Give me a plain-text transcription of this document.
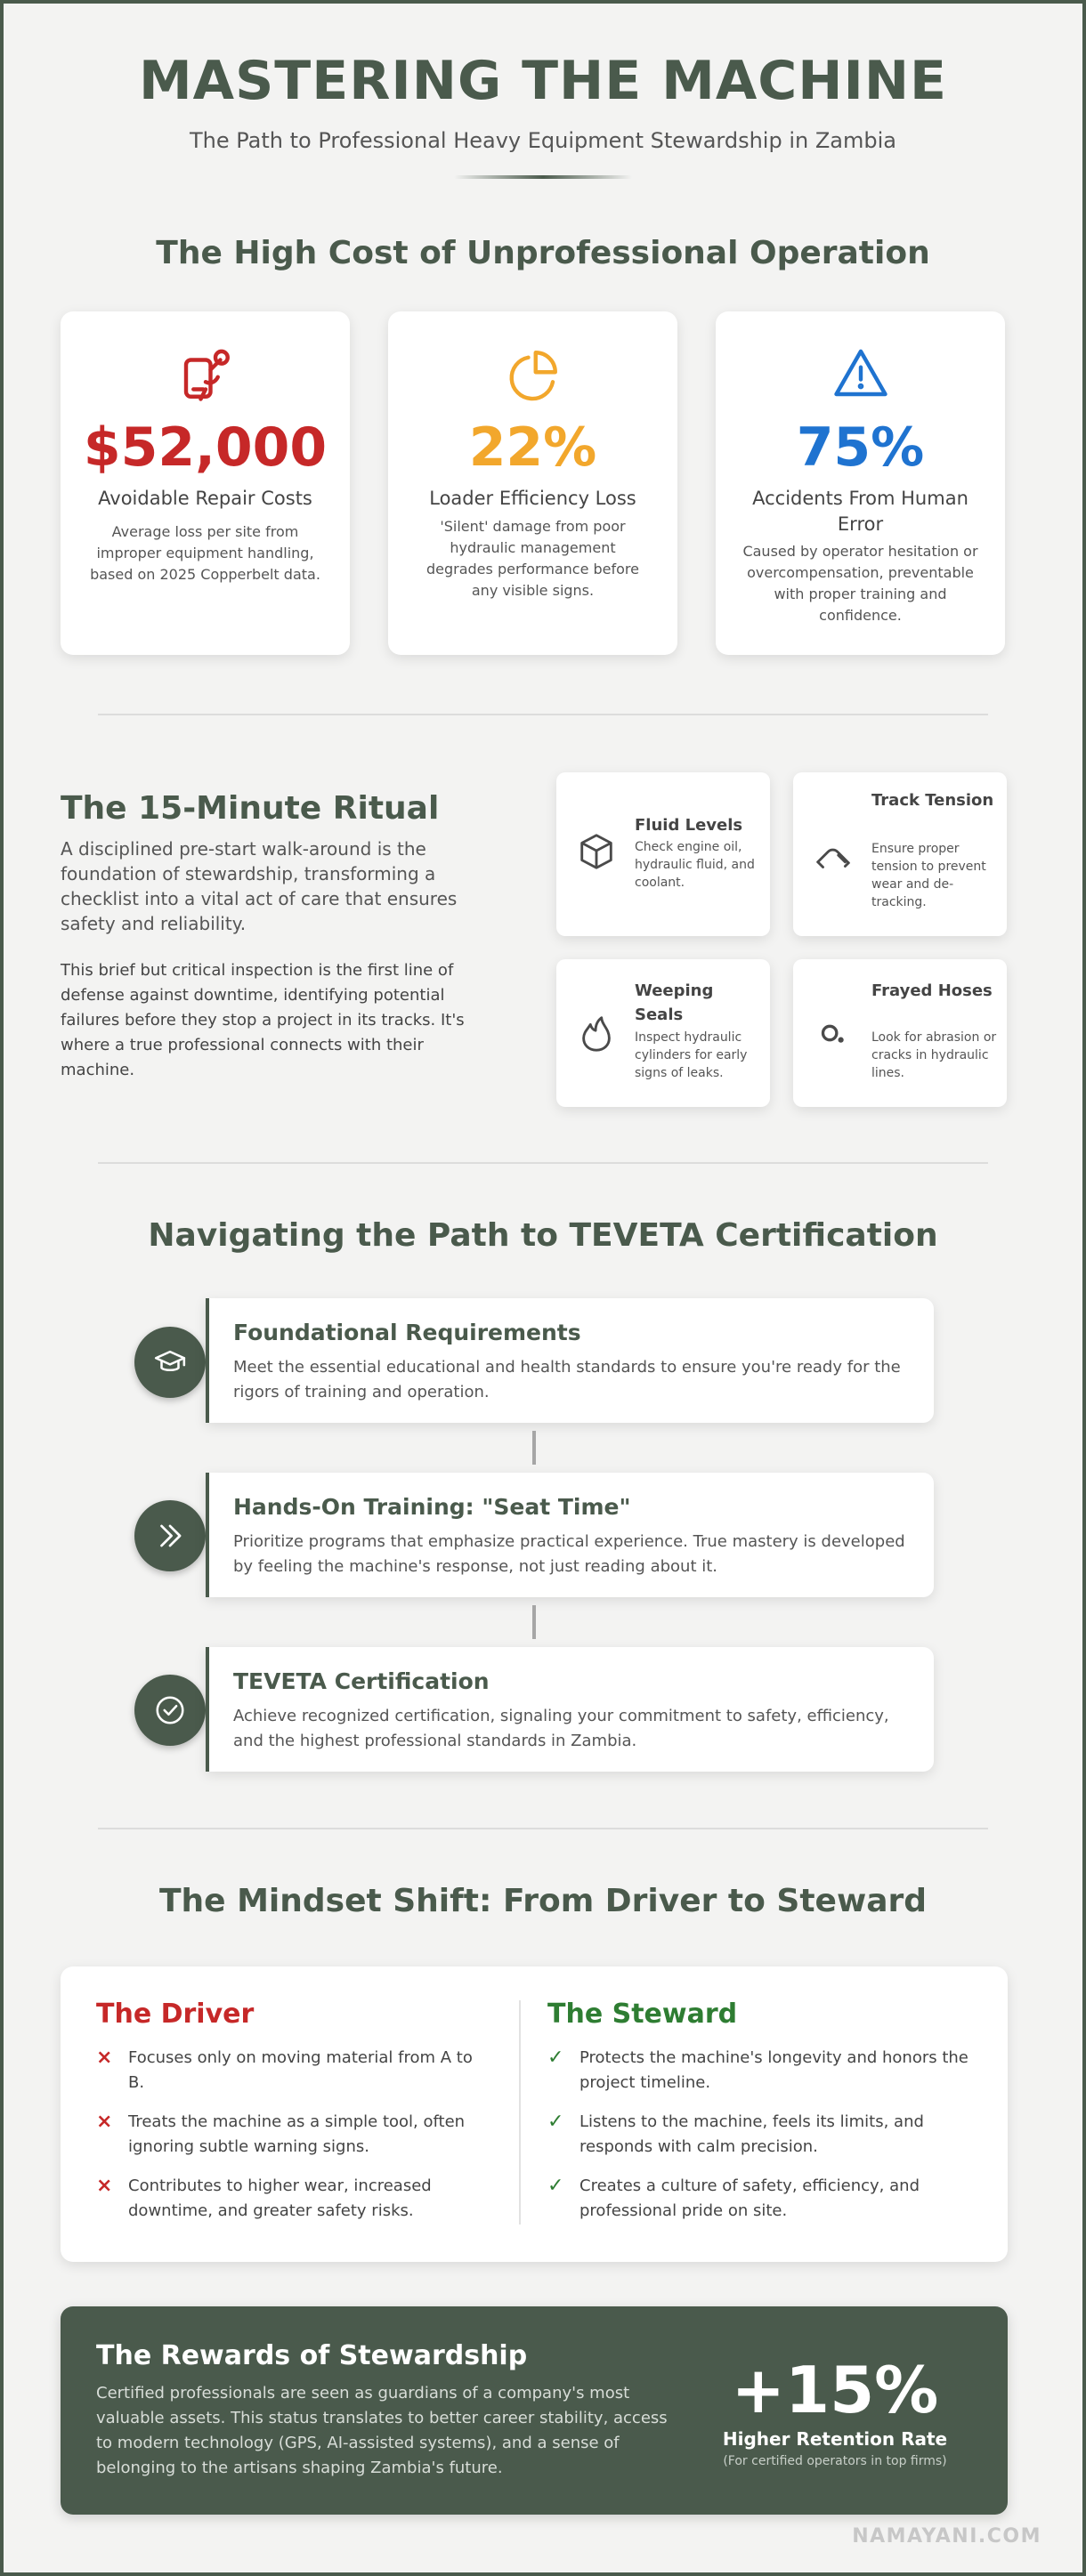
MASTERING THE MACHINE
The Path to Professional Heavy Equipment Stewardship in Zambia
The High Cost of Unprofessional Operation
$52,000
Avoidable Repair Costs
Average loss per site from improper equipment handling, based on 2025 Copperbelt data.
22%
Loader Efficiency Loss
'Silent' damage from poor hydraulic management degrades performance before any visible signs.
75%
Accidents From Human Error
Caused by operator hesitation or overcompensation, preventable with proper training and confidence.
The 15-Minute Ritual

A disciplined pre-start walk-around is the foundation of stewardship, transforming a checklist into a vital act of care that ensures safety and reliability.

This brief but critical inspection is the first line of defense against downtime, identifying potential failures before they stop a project in its tracks. It's where a true professional connects with their machine.

Fluid Levels
Check engine oil, hydraulic fluid, and coolant.
Track Tension
Ensure proper tension to prevent wear and de-tracking.
Weeping Seals
Inspect hydraulic cylinders for early signs of leaks.
Frayed Hoses
Look for abrasion or cracks in hydraulic lines.
Navigating the Path to TEVETA Certification
Foundational Requirements
Meet the essential educational and health standards to ensure you're ready for the rigors of training and operation.
Hands-On Training: "Seat Time"
Prioritize programs that emphasize practical experience. True mastery is developed by feeling the machine's response, not just reading about it.
TEVETA Certification
Achieve recognized certification, signaling your commitment to safety, efficiency, and the highest professional standards in Zambia.
The Mindset Shift: From Driver to Steward
The Driver
× Focuses only on moving material from A to B.
× Treats the machine as a simple tool, often ignoring subtle warning signs.
× Contributes to higher wear, increased downtime, and greater safety risks.
The Steward
✓ Protects the machine's longevity and honors the project timeline.
✓ Listens to the machine, feels its limits, and responds with calm precision.
✓ Creates a culture of safety, efficiency, and professional pride on site.
The Rewards of Stewardship
Certified professionals are seen as guardians of a company's most valuable assets. This status translates to better career stability, access to modern technology (GPS, AI-assisted systems), and a sense of belonging to the artisans shaping Zambia's future.
+15%
Higher Retention Rate
(For certified operators in top firms)
NAMAYANI.COM
